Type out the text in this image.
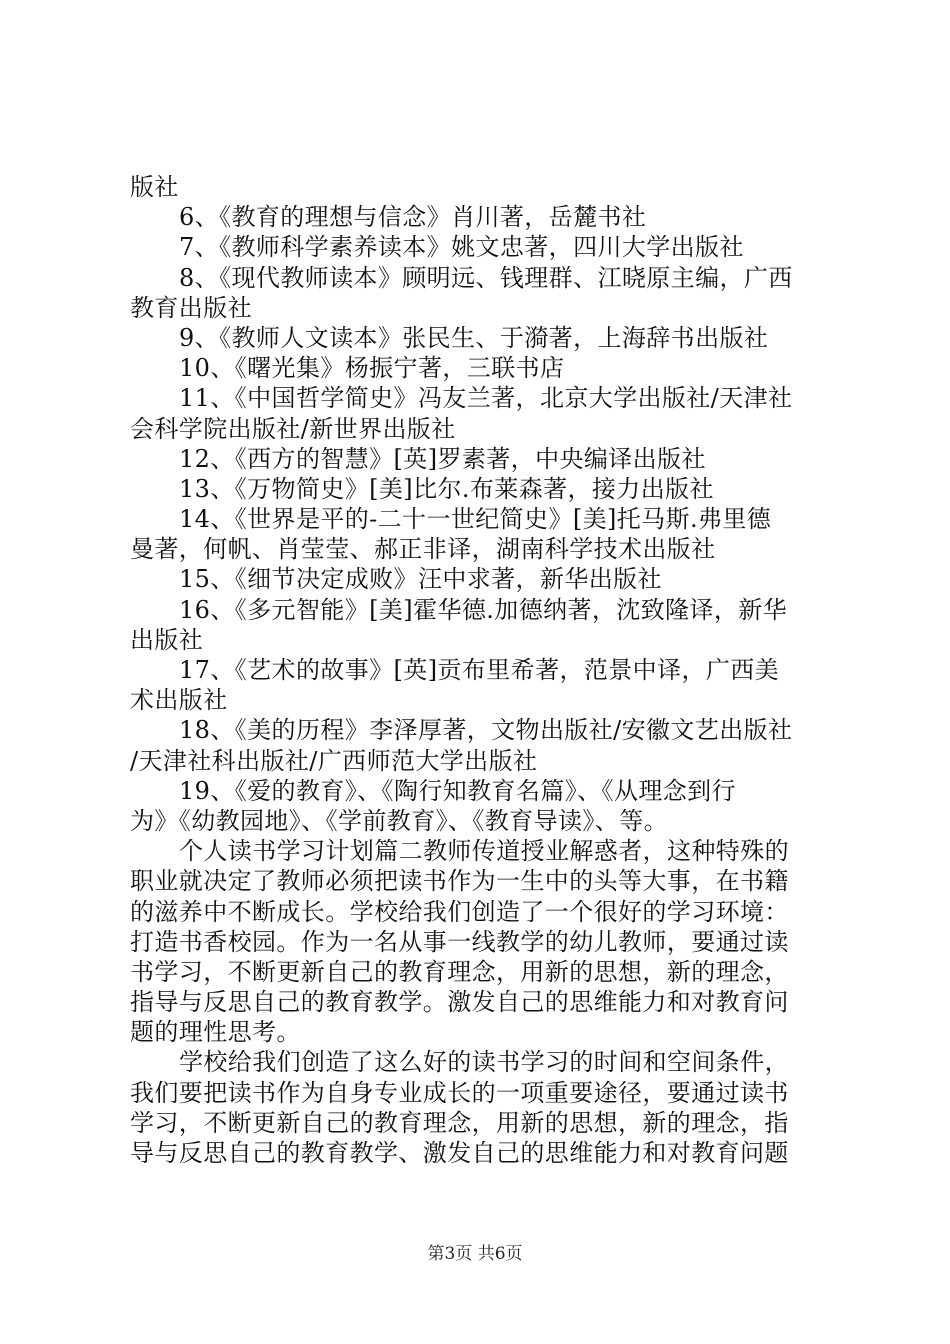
版社
6、《教育的理想与信念》肖川著，岳麓书社
7、《教师科学素养读本》姚文忠著，四川大学出版社
8、《现代教师读本》顾明远、钱理群、江晓原主编，广西
教育出版社
9、《教师人文读本》张民生、于漪著，上海辞书出版社
10、《曙光集》杨振宁著，三联书店
11、《中国哲学简史》冯友兰著，北京大学出版社/天津社
会科学院出版社/新世界出版社
12、《西方的智慧》[英]罗素著，中央编译出版社
13、《万物简史》[美]比尔.布莱森著，接力出版社
14、《世界是平的-二十一世纪简史》[美]托马斯.弗里德
曼著，何帆、肖莹莹、郝正非译，湖南科学技术出版社
15、《细节决定成败》汪中求著，新华出版社
16、《多元智能》[美]霍华德.加德纳著，沈致隆译，新华
出版社
17、《艺术的故事》[英]贡布里希著，范景中译，广西美
术出版社
18、《美的历程》李泽厚著，文物出版社/安徽文艺出版社
/天津社科出版社/广西师范大学出版社
19、《爱的教育》、《陶行知教育名篇》、《从理念到行
为》《幼教园地》、《学前教育》、《教育导读》、等。
个人读书学习计划篇二教师传道授业解惑者，这种特殊的
职业就决定了教师必须把读书作为一生中的头等大事，在书籍
的滋养中不断成长。学校给我们创造了一个很好的学习环境：
打造书香校园。作为一名从事一线教学的幼儿教师，要通过读
书学习，不断更新自己的教育理念，用新的思想，新的理念，
指导与反思自己的教育教学。激发自己的思维能力和对教育问
题的理性思考。
学校给我们创造了这么好的读书学习的时间和空间条件，
我们要把读书作为自身专业成长的一项重要途径，要通过读书
学习，不断更新自己的教育理念，用新的思想，新的理念，指
导与反思自己的教育教学、激发自己的思维能力和对教育问题
第3页 共6页
